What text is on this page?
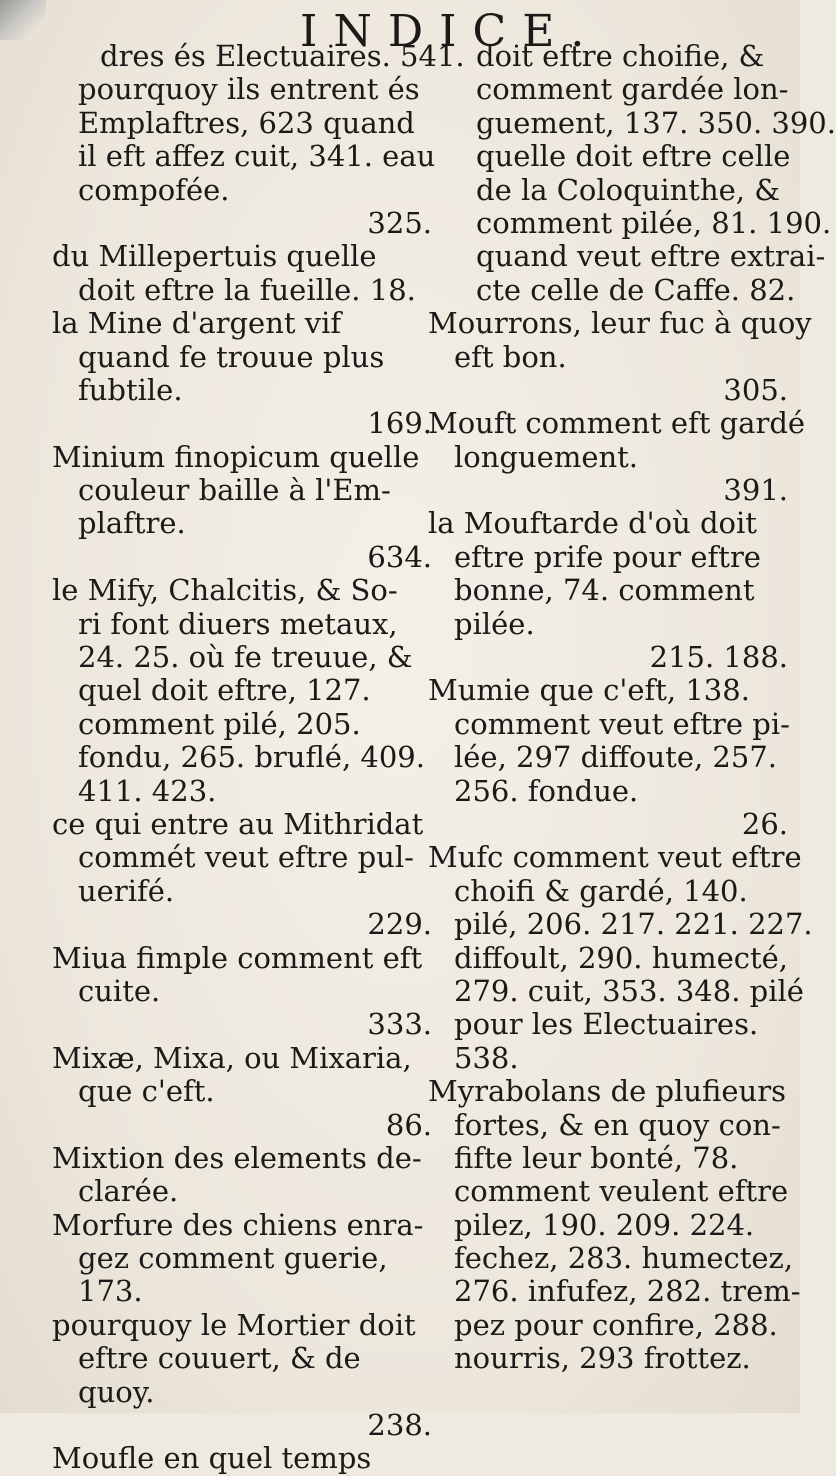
INDICE.
dres és Electuaires. 541.
pourquoy ils entrent és
Emplaftres, 623 quand
il eft affez cuit, 341. eau
compofée.
325.
du Millepertuis quelle
doit eftre la fueille. 18.
la Mine d'argent vif
quand fe trouue plus
fubtile.
169.
Minium finopicum quelle
couleur baille à l'Em-
plaftre.
634.
le Mify, Chalcitis, & So-
ri font diuers metaux,
24. 25. où fe treuue, &
quel doit eftre, 127.
comment pilé, 205.
fondu, 265. bruflé, 409.
411. 423.
ce qui entre au Mithridat
commét veut eftre pul-
uerifé.
229.
Miua fimple comment eft
cuite.
333.
Mixæ, Mixa, ou Mixaria,
que c'eft.
86.
Mixtion des elements de-
clarée.
Morfure des chiens enra-
gez comment guerie,
173.
pourquoy le Mortier doit
eftre couuert, & de
quoy.
238.
Moufle en quel temps
doit eftre choifie, &
comment gardée lon-
guement, 137. 350. 390.
quelle doit eftre celle
de la Coloquinthe, &
comment pilée, 81. 190.
quand veut eftre extrai-
cte celle de Caffe. 82.
Mourrons, leur fuc à quoy
eft bon.
305.
Mouft comment eft gardé
longuement.
391.
la Mouftarde d'où doit
eftre prife pour eftre
bonne, 74. comment
pilée.
215. 188.
Mumie que c'eft, 138.
comment veut eftre pi-
lée, 297 diffoute, 257.
256. fondue.
26.
Mufc comment veut eftre
choifi & gardé, 140.
pilé, 206. 217. 221. 227.
diffoult, 290. humecté,
279. cuit, 353. 348. pilé
pour les Electuaires.
538.
Myrabolans de plufieurs
fortes, & en quoy con-
fifte leur bonté, 78.
comment veulent eftre
pilez, 190. 209. 224.
fechez, 283. humectez,
276. infufez, 282. trem-
pez pour confire, 288.
nourris, 293 frottez.
